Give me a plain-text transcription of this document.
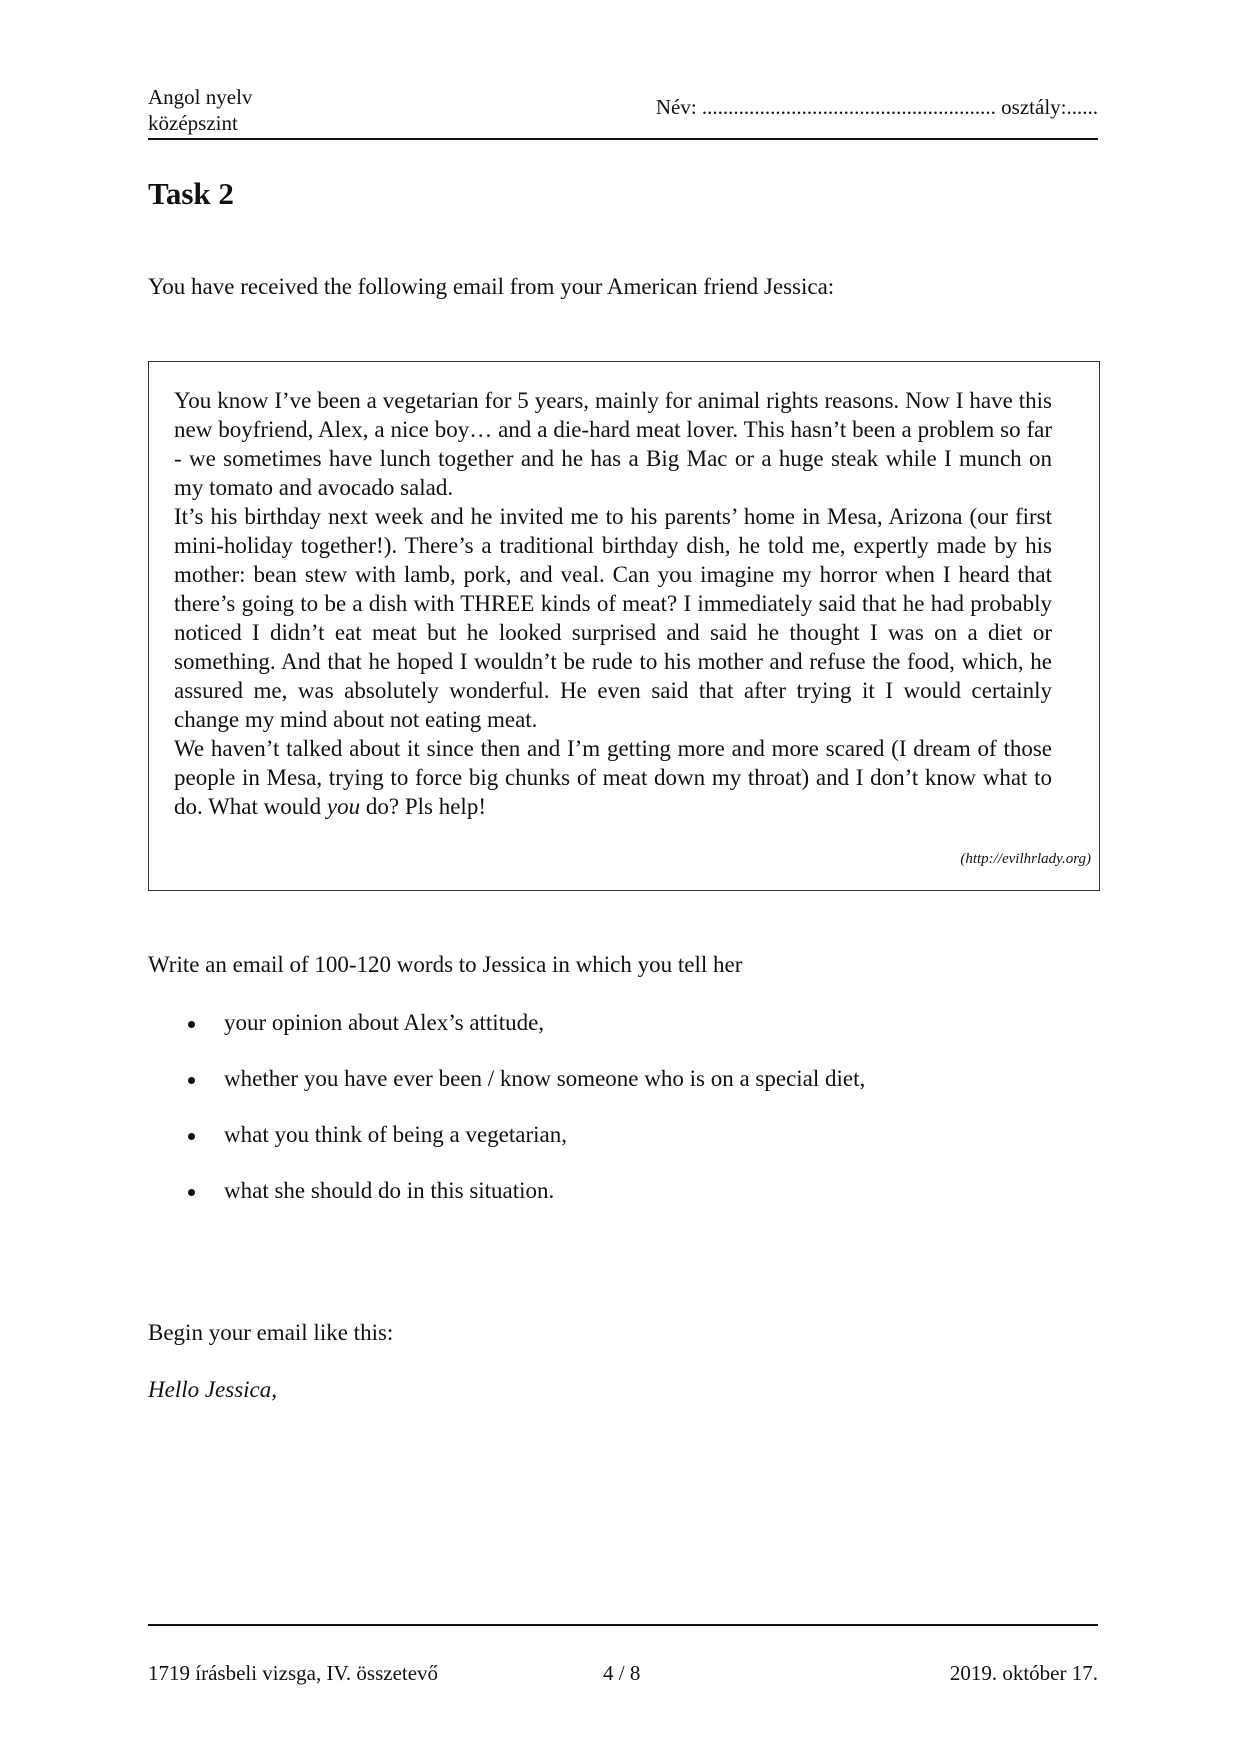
Angol nyelv
középszint
Név: ........................................................ osztály:......
Task 2
You have received the following email from your American friend Jessica:

You know I’ve been a vegetarian for 5 years, mainly for animal rights reasons. Now I have this new boyfriend, Alex, a nice boy… and a die-hard meat lover. This hasn’t been a problem so far - we sometimes have lunch together and he has a Big Mac or a huge steak while I munch on my tomato and avocado salad.

It’s his birthday next week and he invited me to his parents’ home in Mesa, Arizona (our first mini-holiday together!). There’s a traditional birthday dish, he told me, expertly made by his mother: bean stew with lamb, pork, and veal. Can you imagine my horror when I heard that there’s going to be a dish with THREE kinds of meat? I immediately said that he had probably noticed I didn’t eat meat but he looked surprised and said he thought I was on a diet or something. And that he hoped I wouldn’t be rude to his mother and refuse the food, which, he assured me, was absolutely wonderful. He even said that after trying it I would certainly change my mind about not eating meat.

We haven’t talked about it since then and I’m getting more and more scared (I dream of those people in Mesa, trying to force big chunks of meat down my throat) and I don’t know what to do. What would you do? Pls help!

(http://evilhrlady.org)
Write an email of 100-120 words to Jessica in which you tell her
your opinion about Alex’s attitude,
whether you have ever been / know someone who is on a special diet,
what you think of being a vegetarian,
what she should do in this situation.
Begin your email like this:
Hello Jessica,
1719 írásbeli vizsga, IV. összetevő	4 / 8	2019. október 17.
